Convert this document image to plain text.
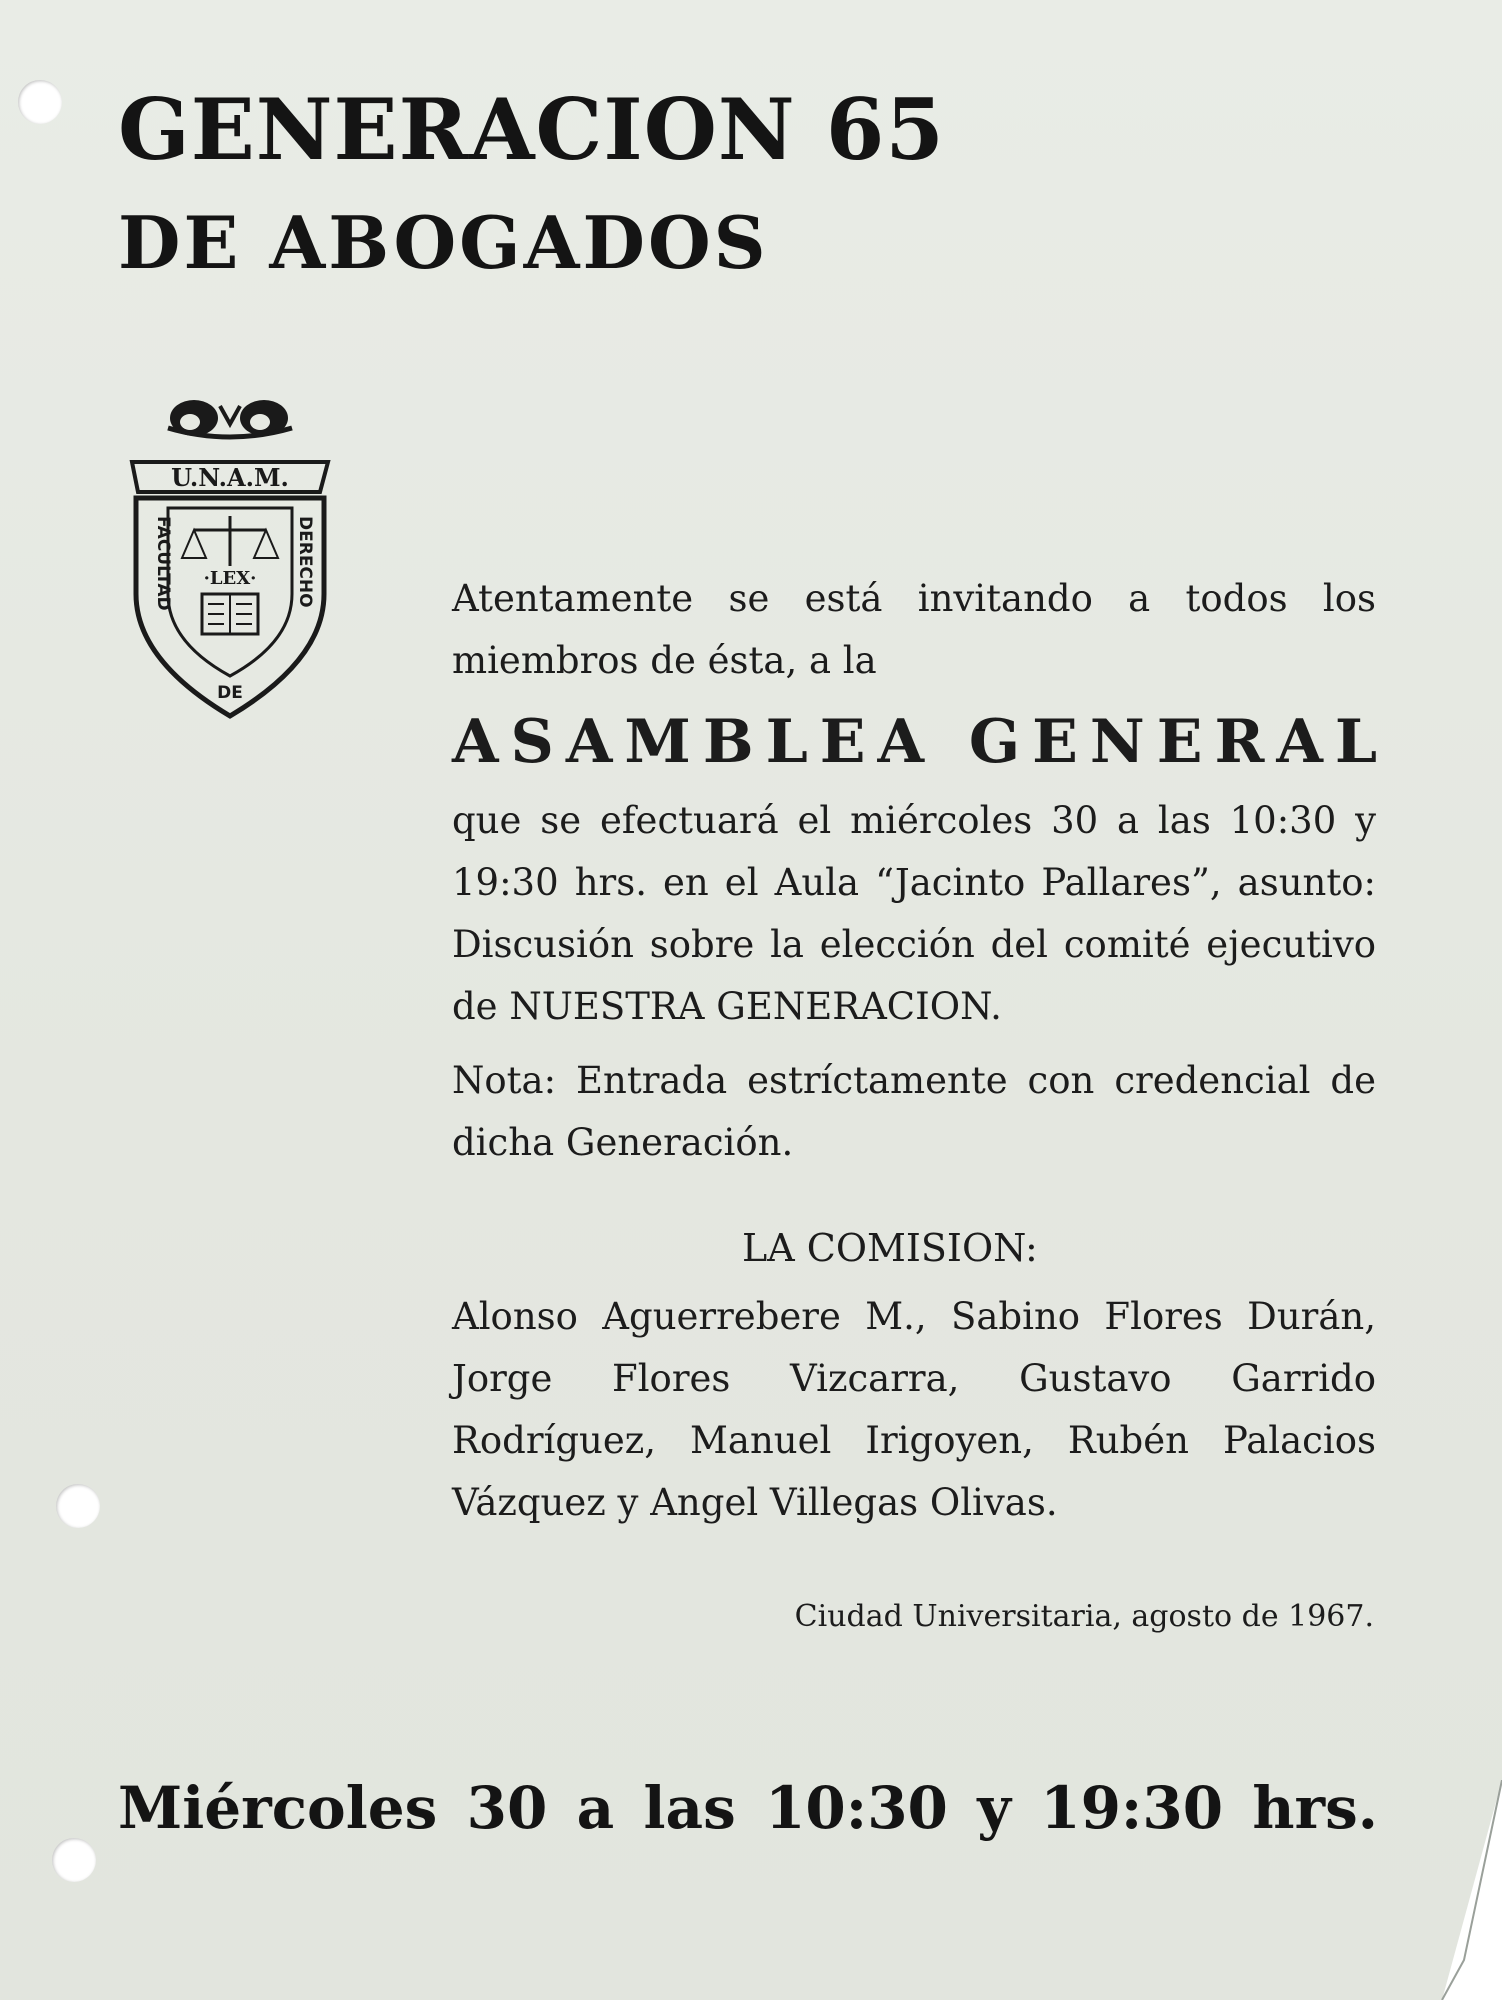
GENERACION 65
DE ABOGADOS
U.N.A.M.
·LEX·
FACULTAD	DERECHO
DE

Atentamente se está invitando a todos los miembros de ésta, a la

ASAMBLEA GENERAL

que se efectuará el miércoles 30 a las 10:30 y 19:30 hrs. en el Aula “Jacinto Pallares”, asunto: Discusión sobre la elección del comité ejecutivo de NUESTRA GENERACION.

Nota: Entrada estríctamente con credencial de dicha Generación.

LA COMISION:

Alonso Aguerrebere M., Sabino Flores Durán, Jorge Flores Vizcarra, Gustavo Garrido Rodríguez, Manuel Irigoyen, Rubén Palacios Vázquez y Angel Villegas Olivas.

Ciudad Universitaria, agosto de 1967.
Miércoles 30 a las 10:30 y 19:30 hrs.
